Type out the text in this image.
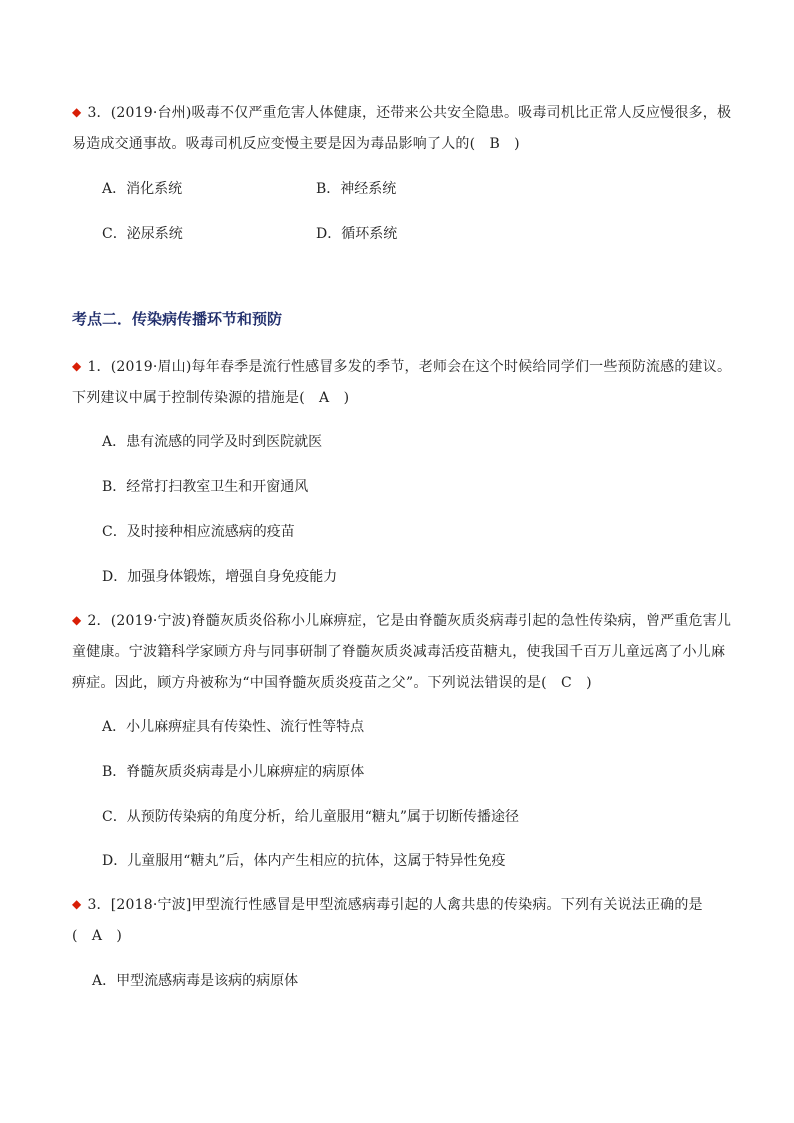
◆ 3．(2019·台州)吸毒不仅严重危害人体健康，还带来公共安全隐患。吸毒司机比正常人反应慢很多，极
易造成交通事故。吸毒司机反应变慢主要是因为毒品影响了人的(　B　)
A．消化系统	B．神经系统
C．泌尿系统	D．循环系统
考点二．传染病传播环节和预防
◆ 1．(2019·眉山)每年春季是流行性感冒多发的季节，老师会在这个时候给同学们一些预防流感的建议。
下列建议中属于控制传染源的措施是(　A　)
A．患有流感的同学及时到医院就医
B．经常打扫教室卫生和开窗通风
C．及时接种相应流感病的疫苗
D．加强身体锻炼，增强自身免疫能力
◆ 2．(2019·宁波)脊髓灰质炎俗称小儿麻痹症，它是由脊髓灰质炎病毒引起的急性传染病，曾严重危害儿
童健康。宁波籍科学家顾方舟与同事研制了脊髓灰质炎减毒活疫苗糖丸，使我国千百万儿童远离了小儿麻
痹症。因此，顾方舟被称为“中国脊髓灰质炎疫苗之父”。下列说法错误的是(　C　)
A．小儿麻痹症具有传染性、流行性等特点
B．脊髓灰质炎病毒是小儿麻痹症的病原体
C．从预防传染病的角度分析，给儿童服用“糖丸”属于切断传播途径
D．儿童服用“糖丸”后，体内产生相应的抗体，这属于特异性免疫
◆ 3．[2018·宁波]甲型流行性感冒是甲型流感病毒引起的人禽共患的传染病。下列有关说法正确的是
(　A　)
A．甲型流感病毒是该病的病原体
